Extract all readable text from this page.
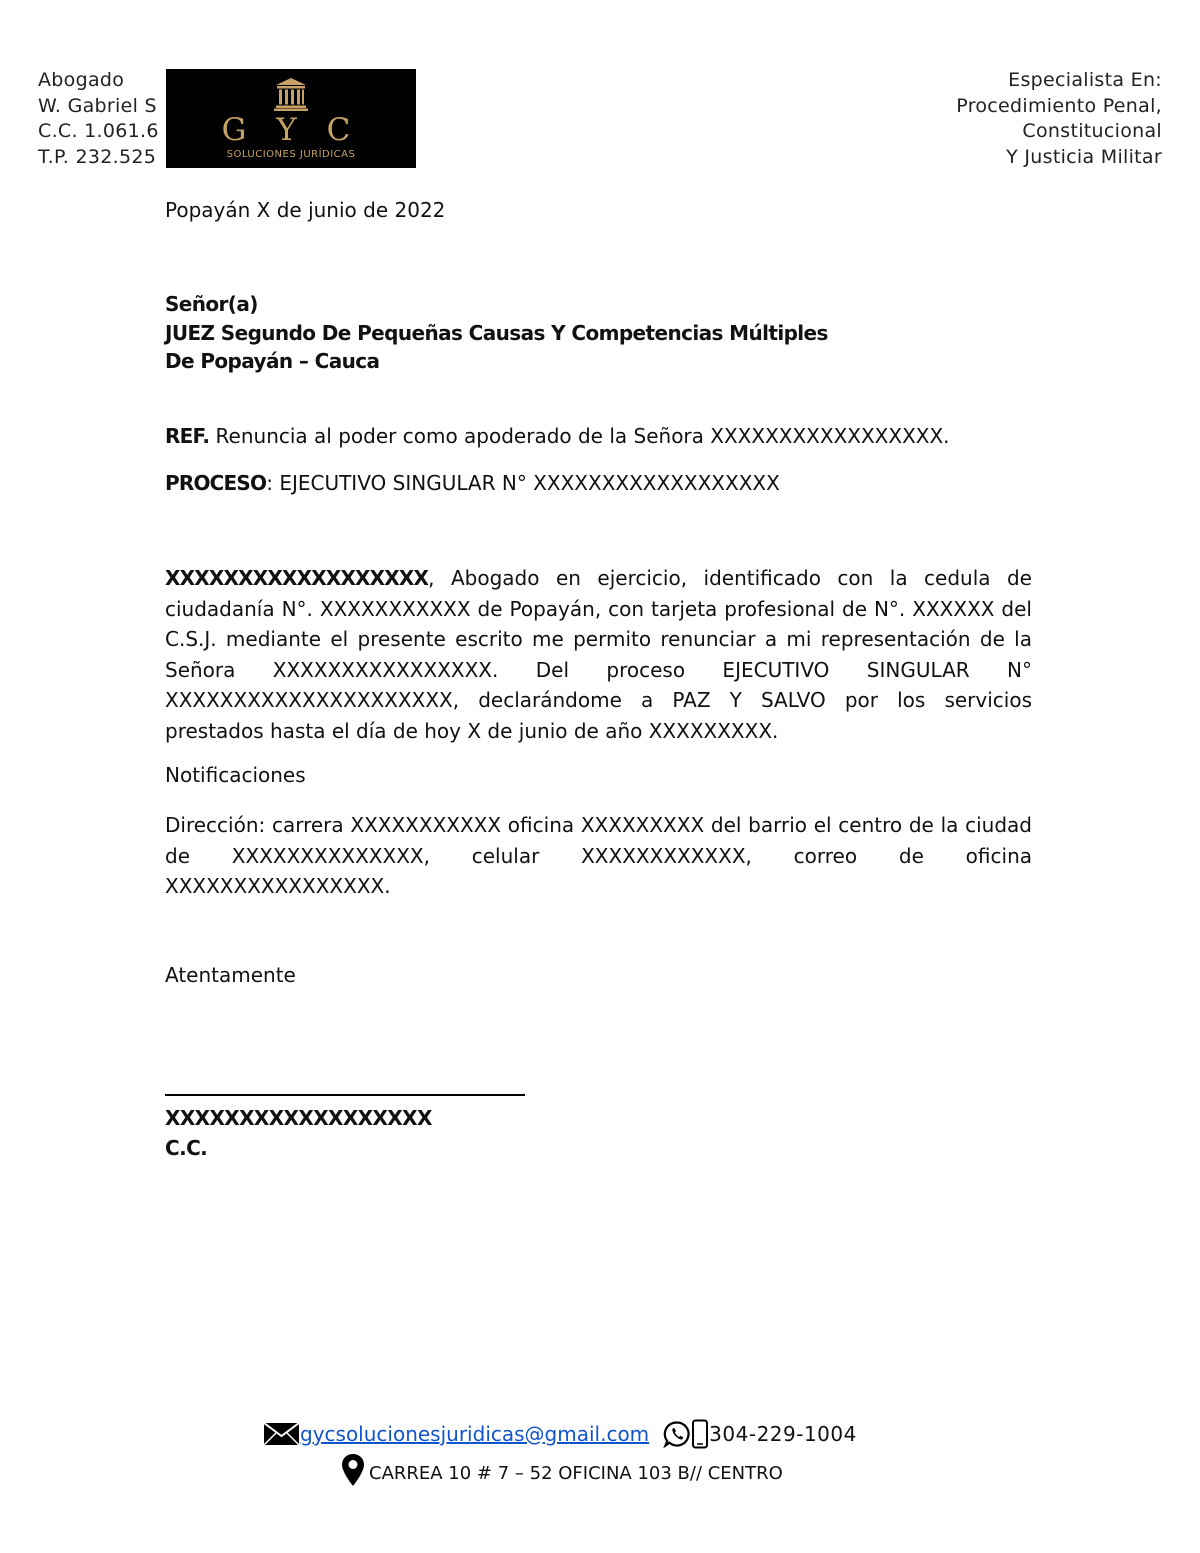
Abogado
W. Gabriel S
C.C. 1.061.6
T.P. 232.525
G Y C
SOLUCIONES JURÍDICAS
Especialista En:
Procedimiento Penal,
Constitucional
Y Justicia Militar
Popayán X de junio de 2022
Señor(a)
JUEZ Segundo De Pequeñas Causas Y Competencias Múltiples
De Popayán – Cauca
REF. Renuncia al poder como apoderado de la Señora XXXXXXXXXXXXXXXXX.
PROCESO: EJECUTIVO SINGULAR N° XXXXXXXXXXXXXXXXXX
XXXXXXXXXXXXXXXXXX, Abogado en ejercicio, identificado con la cedula de ciudadanía N°. XXXXXXXXXXX de Popayán, con tarjeta profesional de N°. XXXXXX del C.S.J. mediante el presente escrito me permito renunciar a mi representación de la Señora XXXXXXXXXXXXXXXX. Del proceso EJECUTIVO SINGULAR N° XXXXXXXXXXXXXXXXXXXXX, declarándome a PAZ Y SALVO por los servicios prestados hasta el día de hoy X de junio de año XXXXXXXXX.
Notificaciones
Dirección: carrera XXXXXXXXXXX oficina XXXXXXXXX del barrio el centro de la ciudad de XXXXXXXXXXXXXX, celular XXXXXXXXXXXX, correo de oficina XXXXXXXXXXXXXXXX.
Atentamente
XXXXXXXXXXXXXXXXXX
C.C.
gycsolucionesjuridicas@gmail.com	304-229-1004
CARREA 10 # 7 – 52 OFICINA 103 B// CENTRO
